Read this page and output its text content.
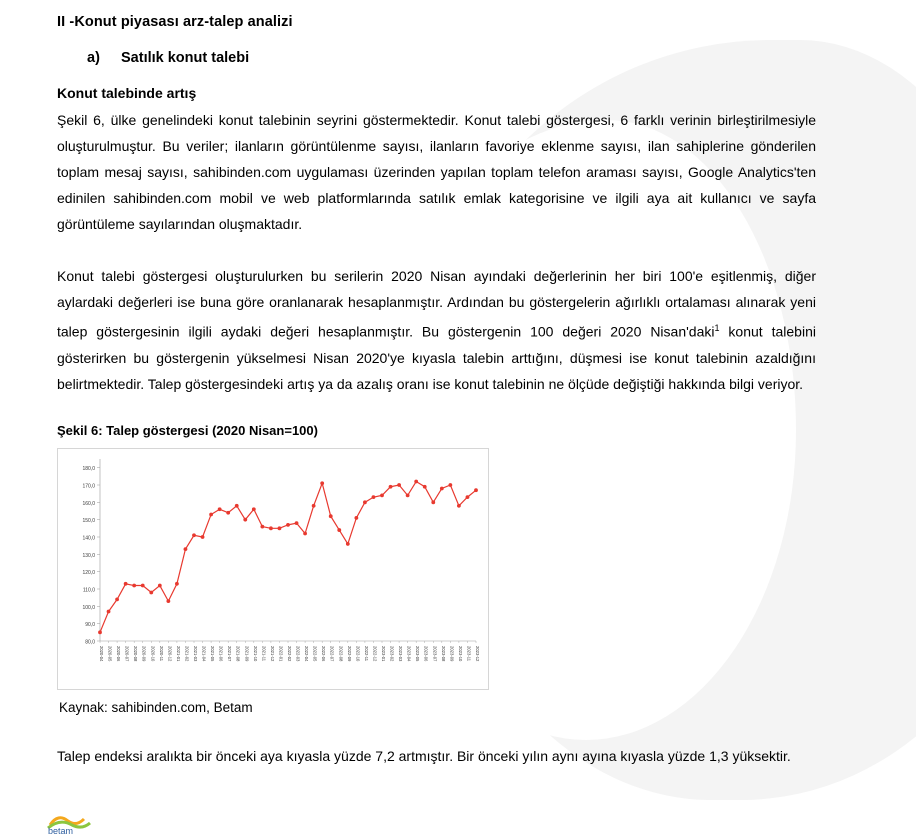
II -Konut piyasası arz-talep analizi
a) Satılık konut talebi
Konut talebinde artış

Şekil 6, ülke genelindeki konut talebinin seyrini göstermektedir. Konut talebi göstergesi, 6 farklı verinin birleştirilmesiyle oluşturulmuştur. Bu veriler; ilanların görüntülenme sayısı, ilanların favoriye eklenme sayısı, ilan sahiplerine gönderilen toplam mesaj sayısı, sahibinden.com uygulaması üzerinden yapılan toplam telefon araması sayısı, Google Analytics'ten edinilen sahibinden.com mobil ve web platformlarında satılık emlak kategorisine ve ilgili aya ait kullanıcı ve sayfa görüntüleme sayılarından oluşmaktadır.

Konut talebi göstergesi oluşturulurken bu serilerin 2020 Nisan ayındaki değerlerinin her biri 100'e eşitlenmiş, diğer aylardaki değerleri ise buna göre oranlanarak hesaplanmıştır. Ardından bu göstergelerin ağırlıklı ortalaması alınarak yeni talep göstergesinin ilgili aydaki değeri hesaplanmıştır. Bu göstergenin 100 değeri 2020 Nisan'daki$^1$ konut talebini gösterirken bu göstergenin yükselmesi Nisan 2020'ye kıyasla talebin arttığını, düşmesi ise konut talebinin azaldığını belirtmektedir. Talep göstergesindeki artış ya da azalış oranı ise konut talebinin ne ölçüde değiştiği hakkında bilgi veriyor.

Şekil 6: Talep göstergesi (2020 Nisan=100)
80,0
90,0
100,0
110,0
120,0
130,0
140,0
150,0
160,0
170,0
180,0
2020-04 2020-05 2020-06 2020-07 2020-08 2020-09 2020-10 2020-11 2020-12 2021-01 2021-02 2021-03 2021-04 2021-05 2021-06 2021-07 2021-08 2021-09 2021-10 2021-11 2021-12 2022-01 2022-02 2022-03 2022-04 2022-05 2022-06 2022-07 2022-08 2022-09 2022-10 2022-11 2022-12 2023-01 2023-02 2023-03 2023-04 2023-05 2023-06 2023-07 2023-08 2023-09 2023-10 2023-11 2023-12
Kaynak: sahibinden.com, Betam

Talep endeksi aralıkta bir önceki aya kıyasla yüzde 7,2 artmıştır. Bir önceki yılın aynı ayına kıyasla yüzde 1,3 yüksektir.

betam
